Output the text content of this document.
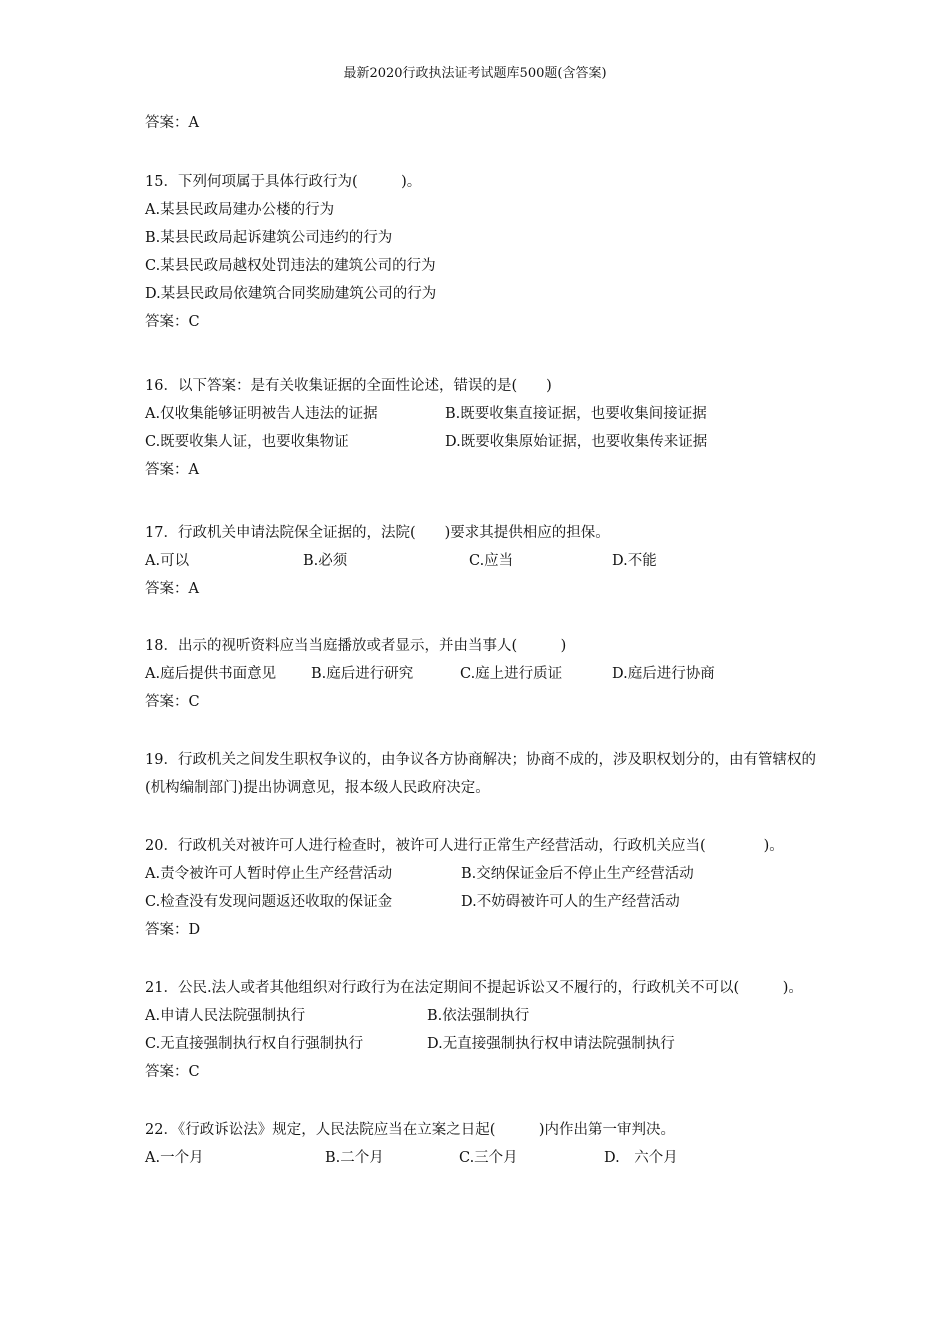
最新2020行政执法证考试题库500题(含答案)
答案：A
15．下列何项属于具体行政行为(　　　)。
A.某县民政局建办公楼的行为
B.某县民政局起诉建筑公司违约的行为
C.某县民政局越权处罚违法的建筑公司的行为
D.某县民政局依建筑合同奖励建筑公司的行为
答案：C
16．以下答案：是有关收集证据的全面性论述，错误的是(　　)
A.仅收集能够证明被告人违法的证据	B.既要收集直接证据，也要收集间接证据
C.既要收集人证，也要收集物证	D.既要收集原始证据，也要收集传来证据
答案：A
17．行政机关申请法院保全证据的，法院(　　)要求其提供相应的担保。
A.可以	B.必须	C.应当	D.不能
答案：A
18．出示的视听资料应当当庭播放或者显示，并由当事人(　　　)
A.庭后提供书面意见 B.庭后进行研究	C.庭上进行质证	D.庭后进行协商
答案：C
19．行政机关之间发生职权争议的，由争议各方协商解决；协商不成的，涉及职权划分的，由有管辖权的(机构编制部门)提出协调意见，报本级人民政府决定。
20．行政机关对被许可人进行检查时，被许可人进行正常生产经营活动，行政机关应当(　　　　)。
A.责令被许可人暂时停止生产经营活动	B.交纳保证金后不停止生产经营活动
C.检查没有发现问题返还收取的保证金	D.不妨碍被许可人的生产经营活动
答案：D
21．公民.法人或者其他组织对行政行为在法定期间不提起诉讼又不履行的，行政机关不可以(　　　)。
A.申请人民法院强制执行	B.依法强制执行
C.无直接强制执行权自行强制执行	D.无直接强制执行权申请法院强制执行
答案：C
22．《行政诉讼法》规定，人民法院应当在立案之日起(　　　)内作出第一审判决。
A.一个月	B.二个月	C.三个月	D.　六个月
